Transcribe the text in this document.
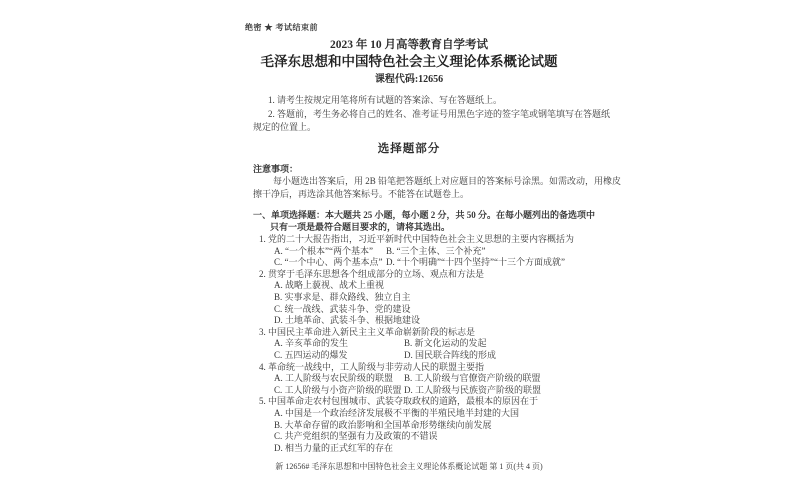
绝密 ★ 考试结束前
2023 年 10 月高等教育自学考试
毛泽东思想和中国特色社会主义理论体系概论试题
课程代码:12656
1. 请考生按规定用笔将所有试题的答案涂、写在答题纸上。
2. 答题前，考生务必将自己的姓名、准考证号用黑色字迹的签字笔或钢笔填写在答题纸
规定的位置上。
选择题部分
注意事项：
每小题选出答案后，用 2B 铅笔把答题纸上对应题目的答案标号涂黑。如需改动，用橡皮
擦干净后，再选涂其他答案标号。不能答在试题卷上。
一、单项选择题：本大题共 25 小题，每小题 2 分，共 50 分。在每小题列出的备选项中
只有一项是最符合题目要求的，请将其选出。
1. 党的二十大报告指出，习近平新时代中国特色社会主义思想的主要内容概括为
A. “一个根本”“两个基本”	B. “三个主体、三个补充”
C. “一个中心、两个基本点” D. “十个明确”“十四个坚持”“十三个方面成就”
2. 贯穿于毛泽东思想各个组成部分的立场、观点和方法是
A. 战略上藐视、战术上重视
B. 实事求是、群众路线、独立自主
C. 统一战线、武装斗争、党的建设
D. 土地革命、武装斗争、根据地建设
3. 中国民主革命进入新民主主义革命崭新阶段的标志是
A. 辛亥革命的发生	B. 新文化运动的发起
C. 五四运动的爆发	D. 国民联合阵线的形成
4. 革命统一战线中，工人阶级与非劳动人民的联盟主要指
A. 工人阶级与农民阶级的联盟	B. 工人阶级与官僚资产阶级的联盟
C. 工人阶级与小资产阶级的联盟 D. 工人阶级与民族资产阶级的联盟
5. 中国革命走农村包围城市、武装夺取政权的道路，最根本的原因在于
A. 中国是一个政治经济发展极不平衡的半殖民地半封建的大国
B. 大革命存留的政治影响和全国革命形势继续向前发展
C. 共产党组织的坚强有力及政策的不错误
D. 相当力量的正式红军的存在
新 12656# 毛泽东思想和中国特色社会主义理论体系概论试题 第 1 页(共 4 页)
